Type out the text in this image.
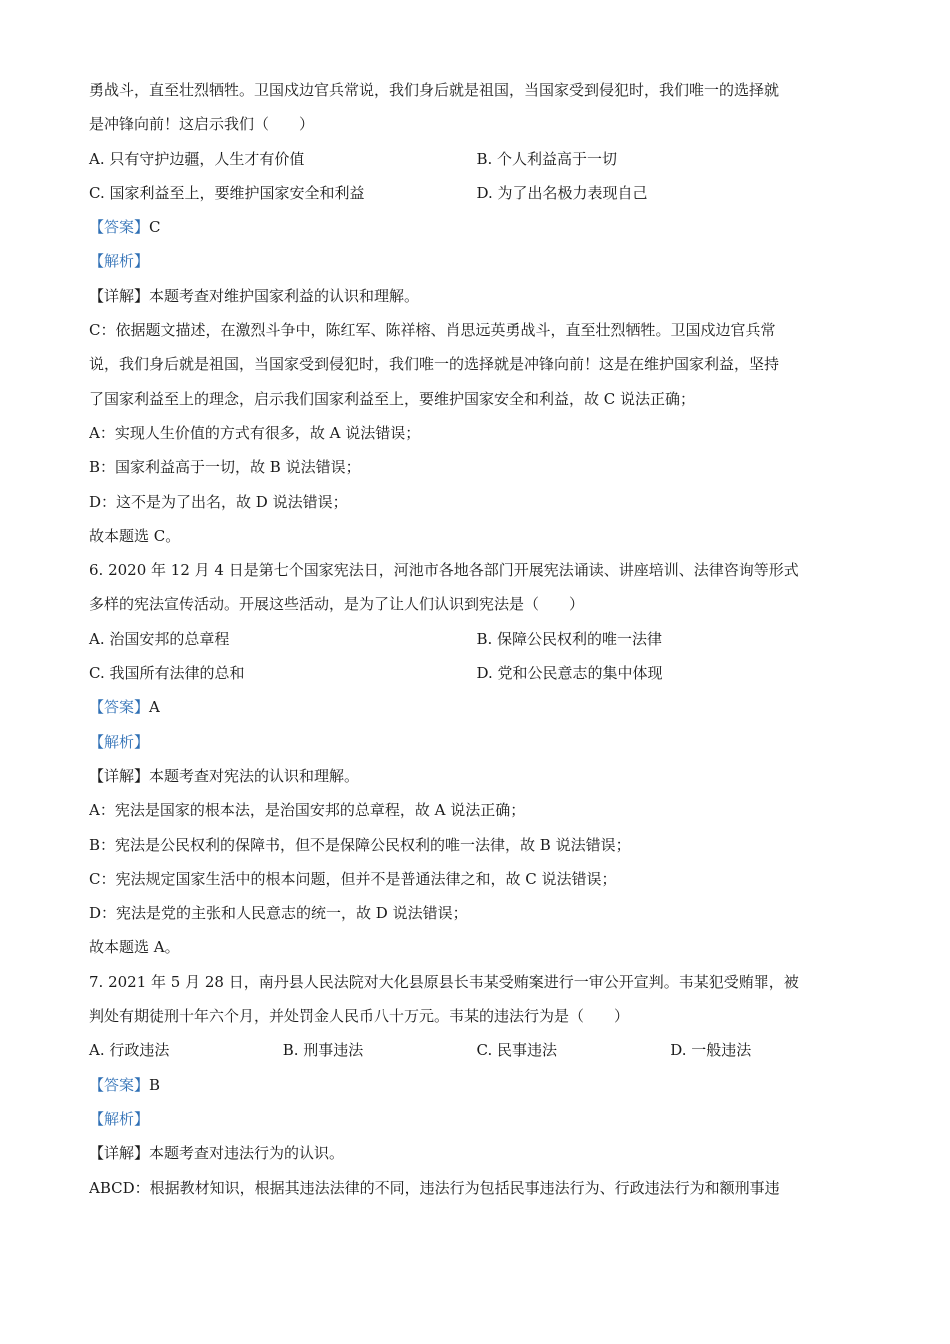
勇战斗，直至壮烈牺牲。卫国戍边官兵常说，我们身后就是祖国，当国家受到侵犯时，我们唯一的选择就
是冲锋向前！这启示我们（　　）
A. 只有守护边疆，人生才有价值	B. 个人利益高于一切
C. 国家利益至上，要维护国家安全和利益	D. 为了出名极力表现自己
【答案】C
【解析】
【详解】本题考查对维护国家利益的认识和理解。
C：依据题文描述，在激烈斗争中，陈红军、陈祥榕、肖思远英勇战斗，直至壮烈牺牲。卫国戍边官兵常
说，我们身后就是祖国，当国家受到侵犯时，我们唯一的选择就是冲锋向前！这是在维护国家利益，坚持
了国家利益至上的理念，启示我们国家利益至上，要维护国家安全和利益，故 C 说法正确；
A：实现人生价值的方式有很多，故 A 说法错误；
B：国家利益高于一切，故 B 说法错误；
D：这不是为了出名，故 D 说法错误；
故本题选 C。
6. 2020 年 12 月 4 日是第七个国家宪法日，河池市各地各部门开展宪法诵读、讲座培训、法律咨询等形式
多样的宪法宣传活动。开展这些活动，是为了让人们认识到宪法是（　　）
A. 治国安邦的总章程	B. 保障公民权利的唯一法律
C. 我国所有法律的总和	D. 党和公民意志的集中体现
【答案】A
【解析】
【详解】本题考查对宪法的认识和理解。
A：宪法是国家的根本法，是治国安邦的总章程，故 A 说法正确；
B：宪法是公民权利的保障书，但不是保障公民权利的唯一法律，故 B 说法错误；
C：宪法规定国家生活中的根本问题，但并不是普通法律之和，故 C 说法错误；
D：宪法是党的主张和人民意志的统一，故 D 说法错误；
故本题选 A。
7. 2021 年 5 月 28 日，南丹县人民法院对大化县原县长韦某受贿案进行一审公开宣判。韦某犯受贿罪，被
判处有期徒刑十年六个月，并处罚金人民币八十万元。韦某的违法行为是（　　）
A. 行政违法	B. 刑事违法	C. 民事违法	D. 一般违法
【答案】B
【解析】
【详解】本题考查对违法行为的认识。
ABCD：根据教材知识，根据其违法法律的不同，违法行为包括民事违法行为、行政违法行为和额刑事违
